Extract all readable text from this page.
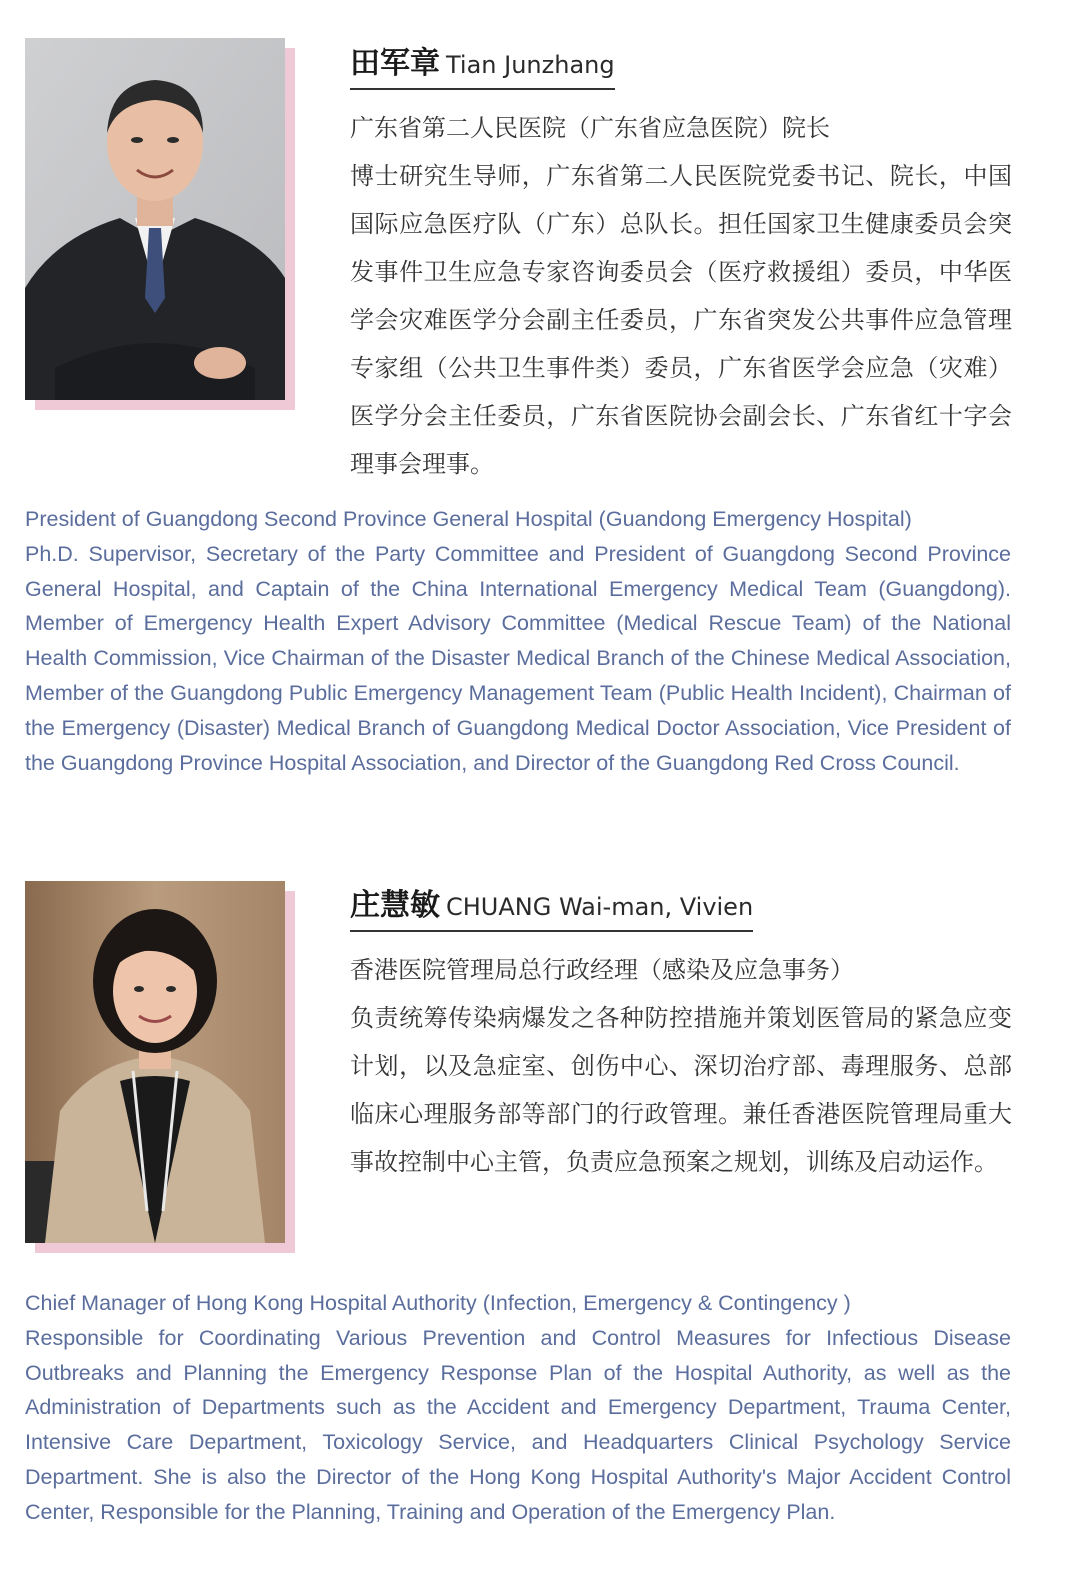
田军章 Tian Junzhang

广东省第二人民医院（广东省应急医院）院长

博士研究生导师，广东省第二人民医院党委书记、院长，中国国际应急医疗队（广东）总队长。担任国家卫生健康委员会突发事件卫生应急专家咨询委员会（医疗救援组）委员，中华医学会灾难医学分会副主任委员，广东省突发公共事件应急管理专家组（公共卫生事件类）委员，广东省医学会应急（灾难）医学分会主任委员，广东省医院协会副会长、广东省红十字会理事会理事。

President of Guangdong Second Province General Hospital (Guandong Emergency Hospital)

Ph.D. Supervisor, Secretary of the Party Committee and President of Guangdong Second Province General Hospital, and Captain of the China International Emergency Medical Team (Guangdong). Member of Emergency Health Expert Advisory Committee (Medical Rescue Team) of the National Health Commission, Vice Chairman of the Disaster Medical Branch of the Chinese Medical Association, Member of the Guangdong Public Emergency Management Team (Public Health Incident), Chairman of the Emergency (Disaster) Medical Branch of Guangdong Medical Doctor Association, Vice President of the Guangdong Province Hospital Association, and Director of the Guangdong Red Cross Council.

庄慧敏 CHUANG Wai-man, Vivien

香港医院管理局总行政经理（感染及应急事务）

负责统筹传染病爆发之各种防控措施并策划医管局的紧急应变计划，以及急症室、创伤中心、深切治疗部、毒理服务、总部临床心理服务部等部门的行政管理。兼任香港医院管理局重大事故控制中心主管，负责应急预案之规划，训练及启动运作。

Chief Manager of Hong Kong Hospital Authority (Infection, Emergency & Contingency )

Responsible for Coordinating Various Prevention and Control Measures for Infectious Disease Outbreaks and Planning the Emergency Response Plan of the Hospital Authority, as well as the Administration of Departments such as the Accident and Emergency Department, Trauma Center, Intensive Care Department, Toxicology Service, and Headquarters Clinical Psychology Service Department. She is also the Director of the Hong Kong Hospital Authority's Major Accident Control Center, Responsible for the Planning, Training and Operation of the Emergency Plan.
